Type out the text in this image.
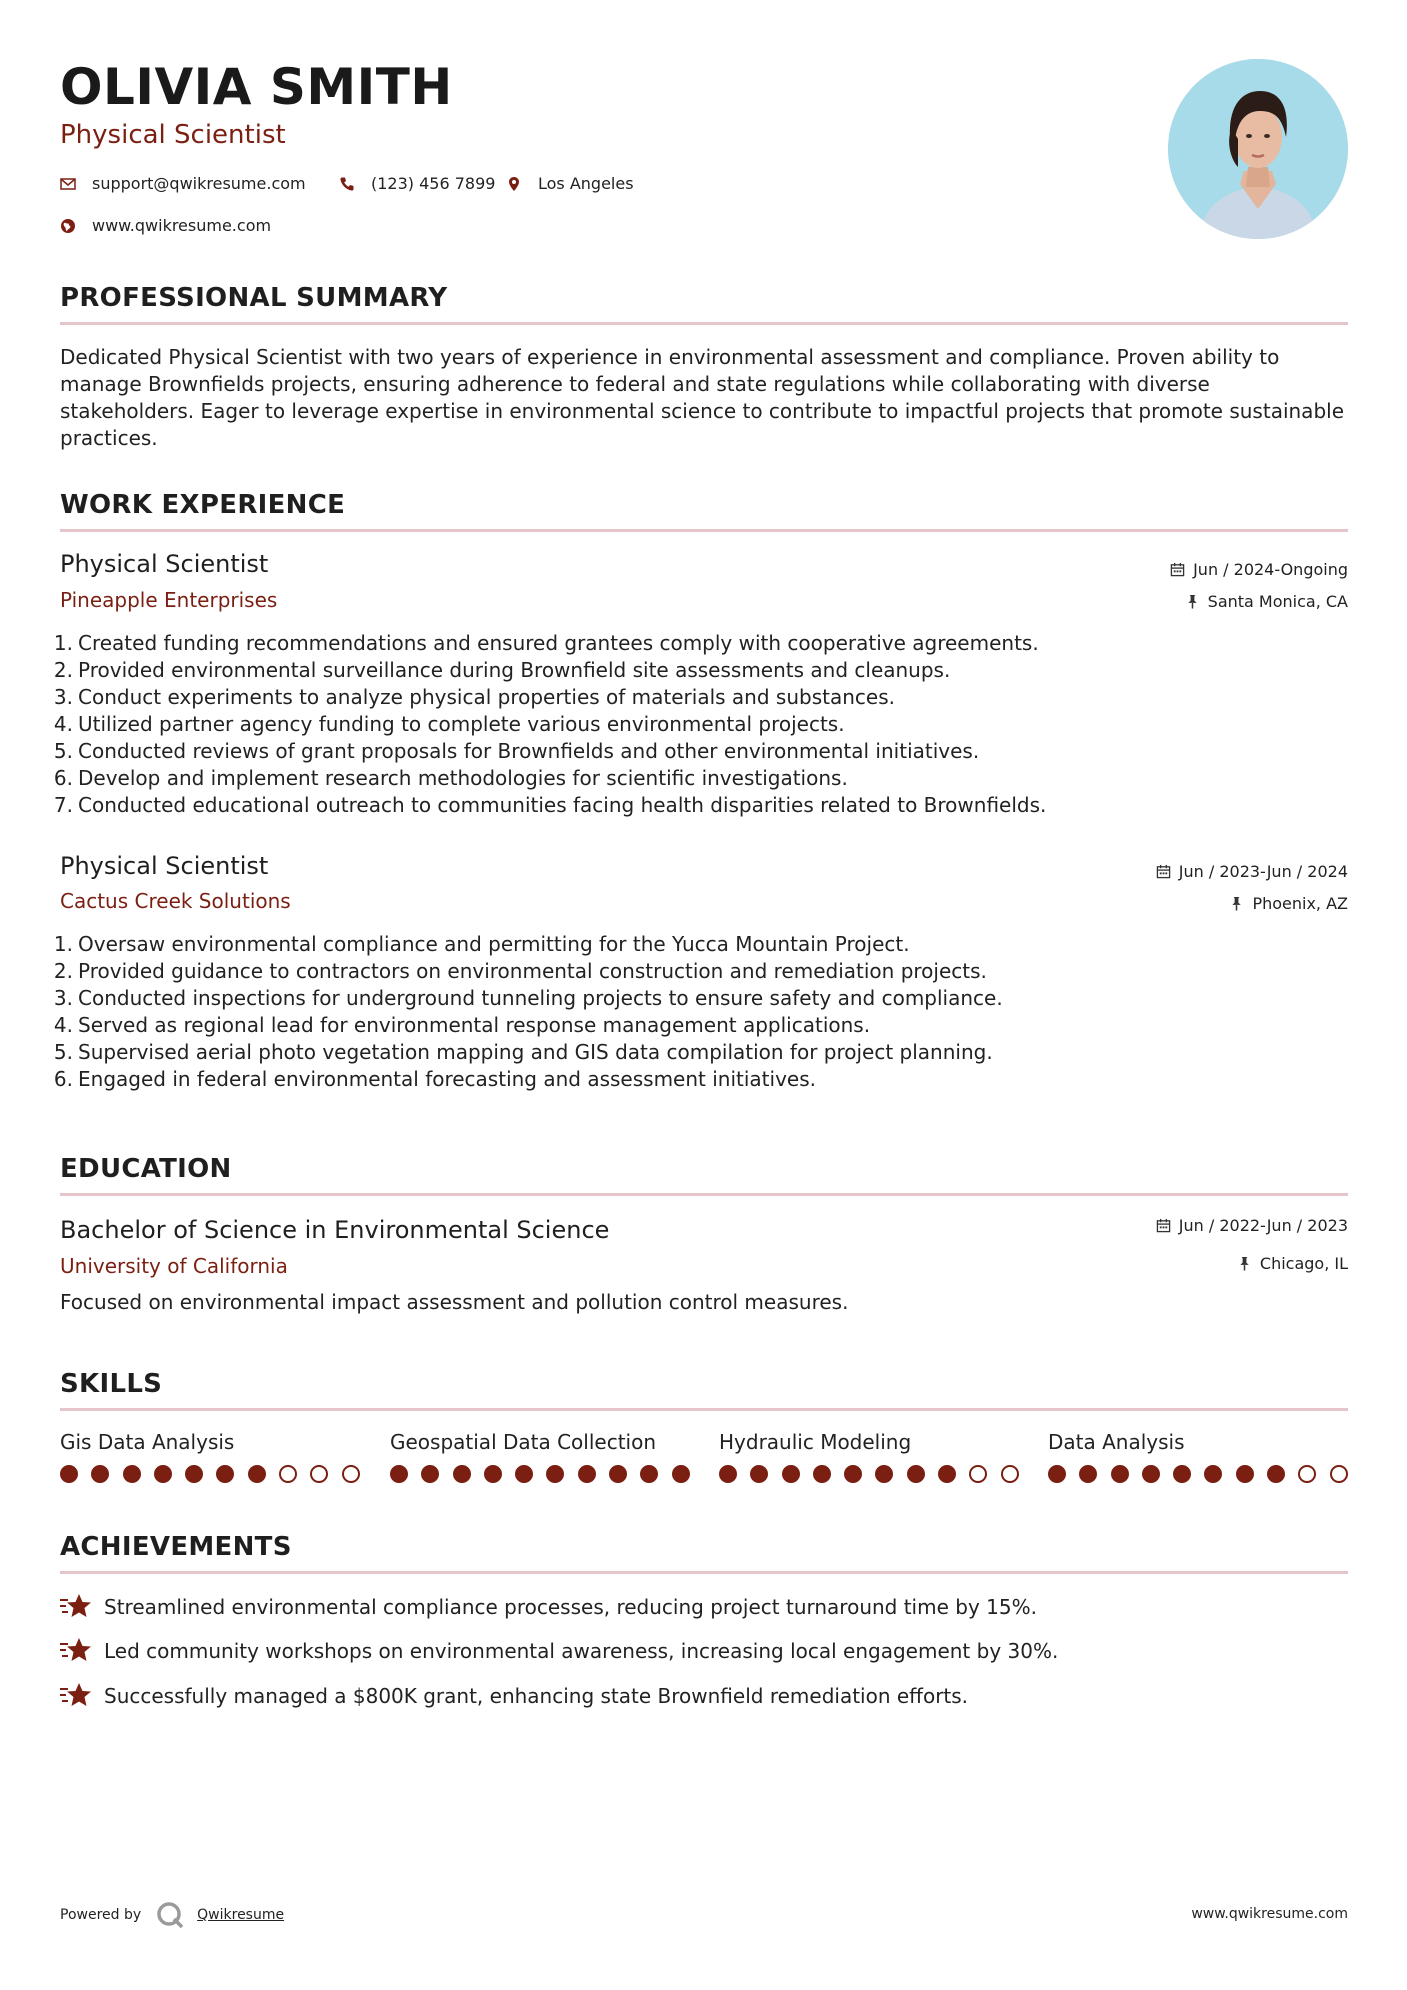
OLIVIA SMITH
Physical Scientist
support@qwikresume.com	(123) 456 7899	Los Angeles
www.qwikresume.com
PROFESSIONAL SUMMARY
Dedicated Physical Scientist with two years of experience in environmental assessment and compliance. Proven ability to manage Brownfields projects, ensuring adherence to federal and state regulations while collaborating with diverse stakeholders. Eager to leverage expertise in environmental science to contribute to impactful projects that promote sustainable practices.
WORK EXPERIENCE
Physical Scientist
Pineapple Enterprises
Jun / 2024-Ongoing
Santa Monica, CA
1. Created funding recommendations and ensured grantees comply with cooperative agreements.
2. Provided environmental surveillance during Brownfield site assessments and cleanups.
3. Conduct experiments to analyze physical properties of materials and substances.
4. Utilized partner agency funding to complete various environmental projects.
5. Conducted reviews of grant proposals for Brownfields and other environmental initiatives.
6. Develop and implement research methodologies for scientific investigations.
7. Conducted educational outreach to communities facing health disparities related to Brownfields.
Physical Scientist
Cactus Creek Solutions
Jun / 2023-Jun / 2024
Phoenix, AZ
1. Oversaw environmental compliance and permitting for the Yucca Mountain Project.
2. Provided guidance to contractors on environmental construction and remediation projects.
3. Conducted inspections for underground tunneling projects to ensure safety and compliance.
4. Served as regional lead for environmental response management applications.
5. Supervised aerial photo vegetation mapping and GIS data compilation for project planning.
6. Engaged in federal environmental forecasting and assessment initiatives.
EDUCATION
Bachelor of Science in Environmental Science
University of California
Jun / 2022-Jun / 2023
Chicago, IL
Focused on environmental impact assessment and pollution control measures.
SKILLS
Gis Data Analysis	Geospatial Data Collection	Hydraulic Modeling	Data Analysis
ACHIEVEMENTS
Streamlined environmental compliance processes, reducing project turnaround time by 15%.
Led community workshops on environmental awareness, increasing local engagement by 30%.
Successfully managed a $800K grant, enhancing state Brownfield remediation efforts.
Powered by	Qwikresume	www.qwikresume.com
